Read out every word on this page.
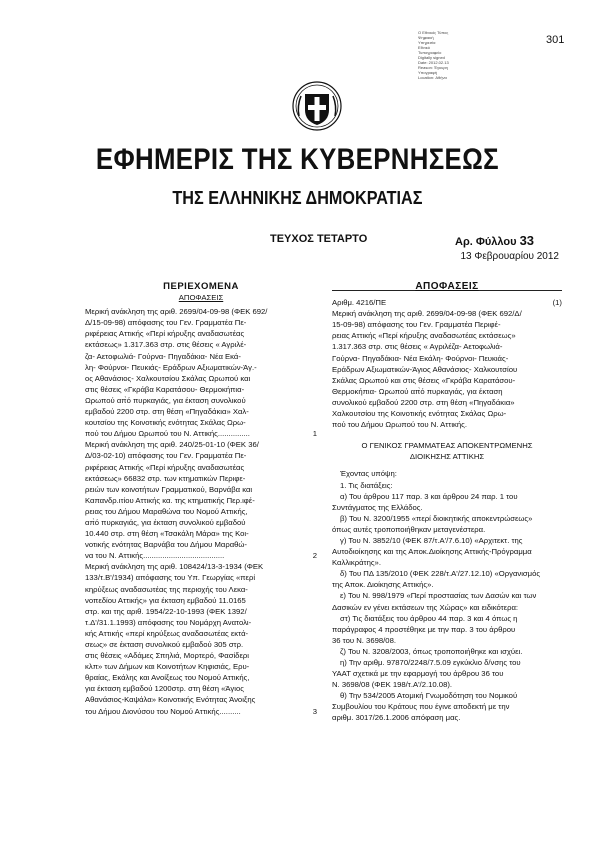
Ο Εθνικός Τύπος
Ψηφιακή
Υπηρεσία
Εθνικό
Τυπογραφείο
Digitally signed
Date: 2012.02.13
Reason: Έγκυρη
Υπογραφή
Location: Αθήνα
301
ΕΦΗΜΕΡΙΣ ΤΗΣ ΚΥΒΕΡΝΗΣΕΩΣ
ΤΗΣ ΕΛΛΗΝΙΚΗΣ ΔΗΜΟΚΡΑΤΙΑΣ
ΤΕΥΧΟΣ ΤΕΤΑΡΤΟ	Αρ. Φύλλου 33
13 Φεβρουαρίου 2012
ΠΕΡΙΕΧΟΜΕΝΑ
ΑΠΟΦΑΣΕΙΣ
Μερική ανάκληση της αριθ. 2699/04-09-98 (ΦΕΚ 692/
Δ/15-09-98) απόφασης του Γεν. Γραμματέα Πε-
ριφέρειας Αττικής «Περί κήρυξης αναδασωτέας
εκτάσεως» 1.317.363 στρ. στις θέσεις « Αγριλέ-
ζα- Αετοφωλιά- Γούρνα- Πηγαδάκια- Νέα Εκά-
λη- Φούρνοι- Πευκιάς- Εράδρων Αξιωματικών-Άγ.-
ος Αθανάσιος- Χαλκουτσίου Σκάλας Ωρωπού και
στις θέσεις «Γκράβα Καρατάσου- Θερμοκήπια-
Ωρωπού απ̀ό πυρκαγιάς, για έκταση συνολικού
εμβαδού 2200 στρ. στη θέση «Πηγαδάκια» Χαλ-
κουτσίου της Κοινοτικής ενότητας Σκάλας Ωρω-
πού του Δήμου Ωρωπού του Ν. Αττικής...............	1
Μερική ανάκληση της αριθ. 240/25-01-10 (ΦΕΚ 36/
Δ/03-02-10) απόφασης του Γεν. Γραμματέα Πε-
ριφέρειας Αττικής «Περί κήρυξης αναδασωτέας
εκτάσεως» 66832 στρ. των κτηματικών Περιφε-
ρειών των κοινοτήτων Γραμματικού, Βαρνάβα και
Καπανδρ.ιτίου Αττικής κα. της κτηματικής Περ.ιφέ-
ρειας του Δήμου Μαραθώνα του Νομού Αττικής,
απ̀ό πυρκαγιάς, για έκταση συνολικού εμβαδού
10.440 στρ. στη θέση «Τσακάλη Μάρα» της Κοι-
νοτικής ενότητας Βαρνάβα του Δήμου Μαραθώ-
να του Ν. Αττικής......................................	2
Μερική ανάκληση της αριθ. 108424/13-3-1934 (ΦΕΚ
133/τ.Β'/1934) απόφασης του Υπ. Γεωργίας «περί
κηρύξεως αναδασωτέας της περιοχής του Λεκα-
νοπεδίου Αττικής» για έκταση εμβαδού 11.0165
στρ. και της αριθ. 1954/22-10-1993 (ΦΕΚ 1392/
τ.Δ'/31.1.1993) απόφασης του Νομάρχη Ανατολι-
κής Αττικής «περί κηρύξεως αναδασωτέας εκτά-
σεως» σε έκταση συνολικού εμβαδού 305 στρ.
στις θέσεις «Αδάμες Σπηλιά, Μορτερό, Φασίδερι
κλπ» των Δήμων και Κοινοτήτων Κηφισιάς, Ερυ-
θραίας, Εκάλης και Ανοίξεως του Νομού Αττικής,
για έκταση εμβαδού 1200στρ. στη θέση «Άγιος
Αθανάσιος-Καψάλα» Κοινοτικής Ενότητας Άνοιξης
του Δήμου Διονύσου του Νομού Αττικής..........	3
ΑΠΟΦΑΣΕΙΣ
Αριθμ. 4216/ΠΕ	(1)
Μερική ανάκληση της αριθ. 2699/04-09-98 (ΦΕΚ 692/Δ/
15-09-98) απόφασης του Γεν. Γραμματέα Περιφέ-
ρειας Αττικής «Περί κήρυξης αναδασωτέας εκτάσεως»
1.317.363 στρ. στις θέσεις « Αγριλέζα- Αετοφωλιά-
Γούρνα- Πηγαδάκια- Νέα Εκάλη- Φούρνοι- Πευκιάς-
Εράδρων Αξιωματικών-Άγιος Αθανάσιος- Χαλκουτσίου
Σκάλας Ωρωπού και στις θέσεις «Γκράβα Καρατάσου-
Θερμοκήπια- Ωρωπού απ̀ό πυρκαγιάς, για έκταση
συνολικού εμβαδού 2200 στρ. στη θέση «Πηγαδάκια»
Χαλκουτσίου της Κοινοτικής ενότητας Σκάλας Ωρω-
πού του Δήμου Ωρωπού του Ν. Αττικής.
Ο ΓΕΝΙΚΟΣ ΓΡΑΜΜΑΤΕΑΣ ΑΠΟΚΕΝΤΡΩΜΕΝΗΣ
ΔΙΟΙΚΗΣΗΣ ΑΤΤΙΚΗΣ
Έχοντας υπόψη:
1. Τις διατάξεις:
α) Του άρθρου 117 παρ. 3 και άρθρου 24 παρ. 1 του
Συντάγματος της Ελλάδος.
β) Του Ν. 3200/1955 «περί διοικητικής αποκεντρώσεως»
όπως αυτές τροποποιήθηκαν μεταγενέστερα.
γ) Του Ν. 3852/10 (ΦΕΚ 87/τ.Α'/7.6.10) «Αρχιτεκτ. της
Αυτοδιοίκησης και της Αποκ.Διοίκησης Αττικής-Πρόγραμμα
Καλλικράτης».
δ) Του ΠΔ 135/2010 (ΦΕΚ 228/τ.Α'/27.12.10) «Οργανισμός
της Αποκ. Διοίκησης Αττικής».
ε) Του Ν. 998/1979 «Περί προστασίας των Δασών και των
Δασικών εν γένει εκτάσεων της Χώρας» και ειδικότερα:
στ) Τις διατάξεις του άρθρου 44 παρ. 3 και 4 όπως η
παράγραφος 4 προστέθηκε με την παρ. 3 του άρθρου
36 του Ν. 3698/08.
ζ) Του Ν. 3208/2003, όπως τροποποιήθηκε και ισχύει.
η) Την αριθμ. 97870/2248/7.5.09 εγκύκλιο δ/νσης του
ΥΑΑΤ σχετικά με την εφαρμογή του άρθρου 36 του
Ν. 3698/08 (ΦΕΚ 198/τ.Α'/2.10.08).
θ) Την 534/2005 Ατομική Γνωμοδότηση του Νομικού
Συμβουλίου του Κράτους που έγινε αποδεκτή με την
αριθμ. 3017/26.1.2006 απόφαση μας.
